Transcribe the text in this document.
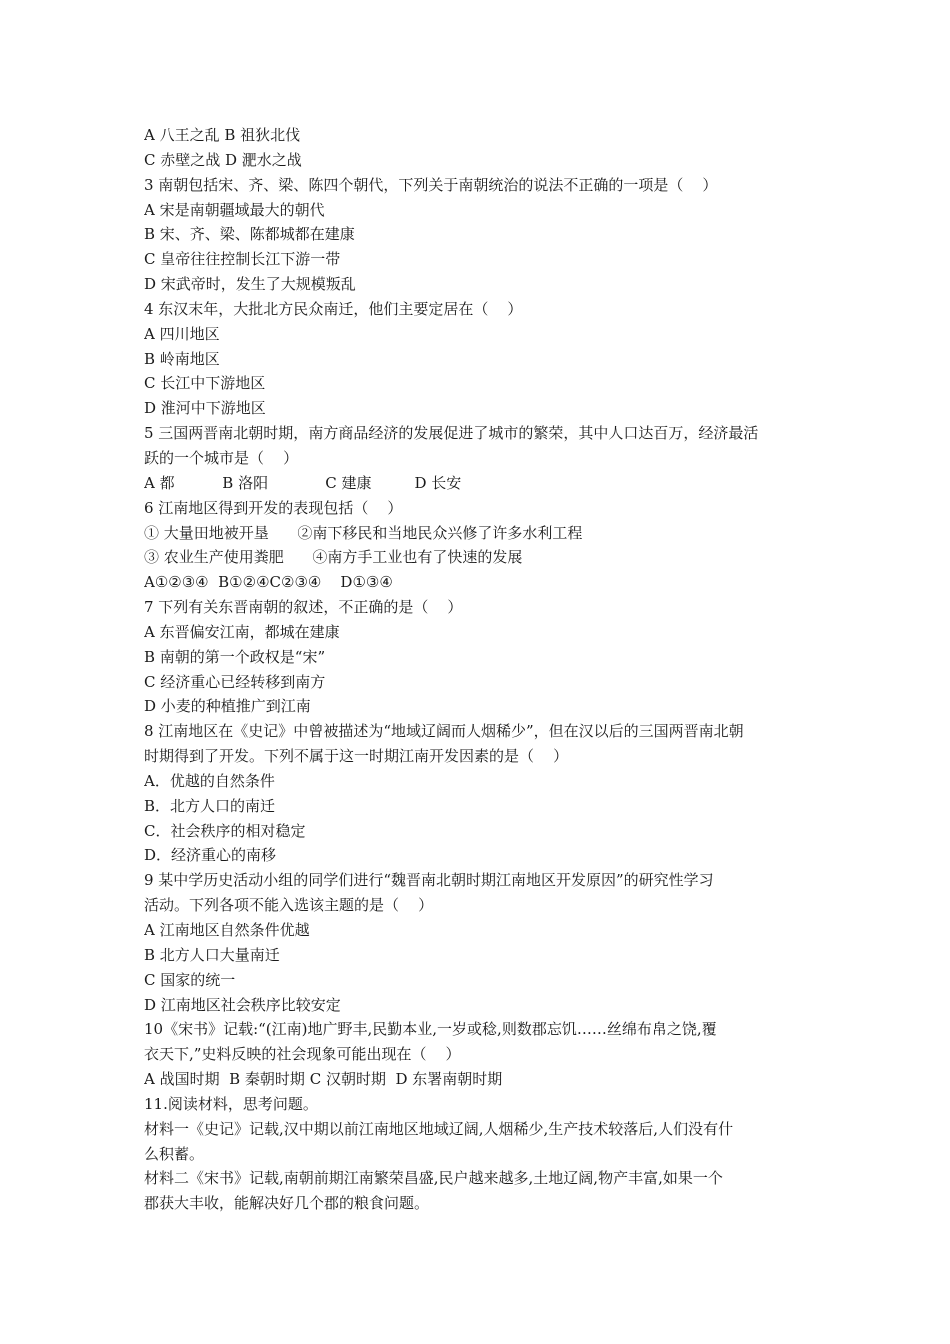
A 八王之乱 B 祖狄北伐
C 赤壁之战 D 淝水之战
3 南朝包括宋、齐、梁、陈四个朝代，下列关于南朝统治的说法不正确的一项是（    ）
A 宋是南朝疆域最大的朝代
B 宋、齐、梁、陈都城都在建康
C 皇帝往往控制长江下游一带
D 宋武帝时，发生了大规模叛乱
4 东汉末年，大批北方民众南迁，他们主要定居在（    ）
A 四川地区
B 岭南地区
C 长江中下游地区
D 淮河中下游地区
5 三国两晋南北朝时期，南方商品经济的发展促进了城市的繁荣，其中人口达百万，经济最活
跃的一个城市是（    ）
A 都          B 洛阳            C 建康         D 长安
6 江南地区得到开发的表现包括（    ）
① 大量田地被开垦      ②南下移民和当地民众兴修了许多水利工程
③ 农业生产使用粪肥      ④南方手工业也有了快速的发展
A①②③④  B①②④C②③④    D①③④
7 下列有关东晋南朝的叙述，不正确的是（    ）
A 东晋偏安江南，都城在建康
B 南朝的第一个政权是“宋”
C 经济重心已经转移到南方
D 小麦的种植推广到江南
8 江南地区在《史记》中曾被描述为“地域辽阔而人烟稀少”，但在汉以后的三国两晋南北朝
时期得到了开发。下列不属于这一时期江南开发因素的是（    ）
A．优越的自然条件
B．北方人口的南迁
C．社会秩序的相对稳定
D．经济重心的南移
9 某中学历史活动小组的同学们进行“魏晋南北朝时期江南地区开发原因”的研究性学习
活动。下列各项不能入选该主题的是（    ）
A 江南地区自然条件优越
B 北方人口大量南迁
C 国家的统一
D 江南地区社会秩序比较安定
10《宋书》记载:“(江南)地广野丰,民勤本业,一岁或稔,则数郡忘饥……丝绵布帛之饶,覆
衣天下,”史料反映的社会现象可能出现在（    ）
A 战国时期  B 秦朝时期 C 汉朝时期  D 东署南朝时期
11.阅读材料，思考问题。
材料一《史记》记载,汉中期以前江南地区地域辽阔,人烟稀少,生产技术较落后,人们没有什
么积蓄。
材料二《宋书》记载,南朝前期江南繁荣昌盛,民户越来越多,土地辽阔,物产丰富,如果一个
郡获大丰收，能解决好几个郡的粮食问题。
